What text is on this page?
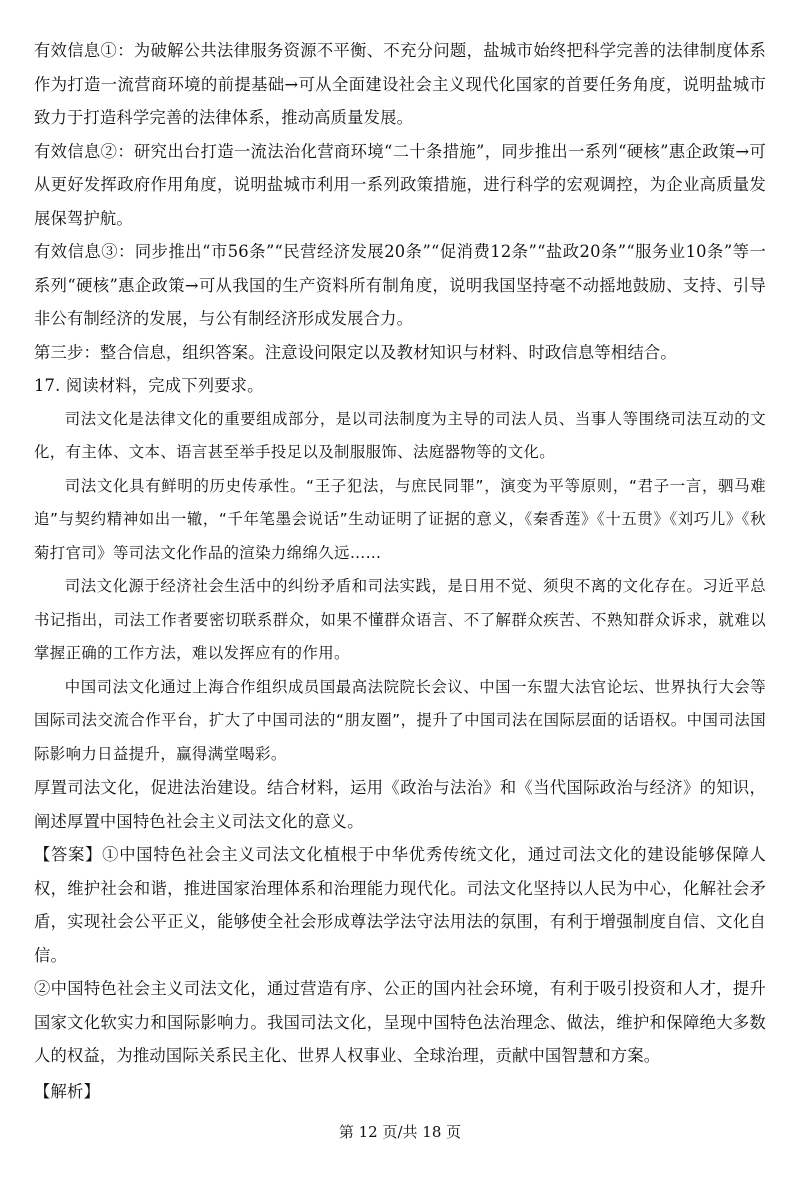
有效信息①：为破解公共法律服务资源不平衡、不充分问题，盐城市始终把科学完善的法律制度体系作为打造一流营商环境的前提基础→可从全面建设社会主义现代化国家的首要任务角度，说明盐城市致力于打造科学完善的法律体系，推动高质量发展。

有效信息②：研究出台打造一流法治化营商环境“二十条措施”，同步推出一系列“硬核”惠企政策→可从更好发挥政府作用角度，说明盐城市利用一系列政策措施，进行科学的宏观调控，为企业高质量发展保驾护航。

有效信息③：同步推出“市56条”“民营经济发展20条”“促消费12条”“盐政20条”“服务业10条”等一系列“硬核”惠企政策→可从我国的生产资料所有制角度，说明我国坚持毫不动摇地鼓励、支持、引导非公有制经济的发展，与公有制经济形成发展合力。

第三步：整合信息，组织答案。注意设问限定以及教材知识与材料、时政信息等相结合。

17. 阅读材料，完成下列要求。

司法文化是法律文化的重要组成部分，是以司法制度为主导的司法人员、当事人等围绕司法互动的文化，有主体、文本、语言甚至举手投足以及制服服饰、法庭器物等的文化。

司法文化具有鲜明的历史传承性。“王子犯法，与庶民同罪”，演变为平等原则，“君子一言，驷马难追”与契约精神如出一辙，“千年笔墨会说话”生动证明了证据的意义，《秦香莲》《十五贯》《刘巧儿》《秋菊打官司》等司法文化作品的渲染力绵绵久远……

司法文化源于经济社会生活中的纠纷矛盾和司法实践，是日用不觉、须臾不离的文化存在。习近平总书记指出，司法工作者要密切联系群众，如果不懂群众语言、不了解群众疾苦、不熟知群众诉求，就难以掌握正确的工作方法，难以发挥应有的作用。

中国司法文化通过上海合作组织成员国最高法院院长会议、中国一东盟大法官论坛、世界执行大会等国际司法交流合作平台，扩大了中国司法的“朋友圈”，提升了中国司法在国际层面的话语权。中国司法国际影响力日益提升，赢得满堂喝彩。

厚置司法文化，促进法治建设。结合材料，运用《政治与法治》和《当代国际政治与经济》的知识，阐述厚置中国特色社会主义司法文化的意义。

【答案】①中国特色社会主义司法文化植根于中华优秀传统文化，通过司法文化的建设能够保障人权，维护社会和谐，推进国家治理体系和治理能力现代化。司法文化坚持以人民为中心，化解社会矛盾，实现社会公平正义，能够使全社会形成尊法学法守法用法的氛围，有利于增强制度自信、文化自信。

②中国特色社会主义司法文化，通过营造有序、公正的国内社会环境，有利于吸引投资和人才，提升国家文化软实力和国际影响力。我国司法文化，呈现中国特色法治理念、做法，维护和保障绝大多数人的权益，为推动国际关系民主化、世界人权事业、全球治理，贡献中国智慧和方案。

【解析】

第 12 页/共 18 页
